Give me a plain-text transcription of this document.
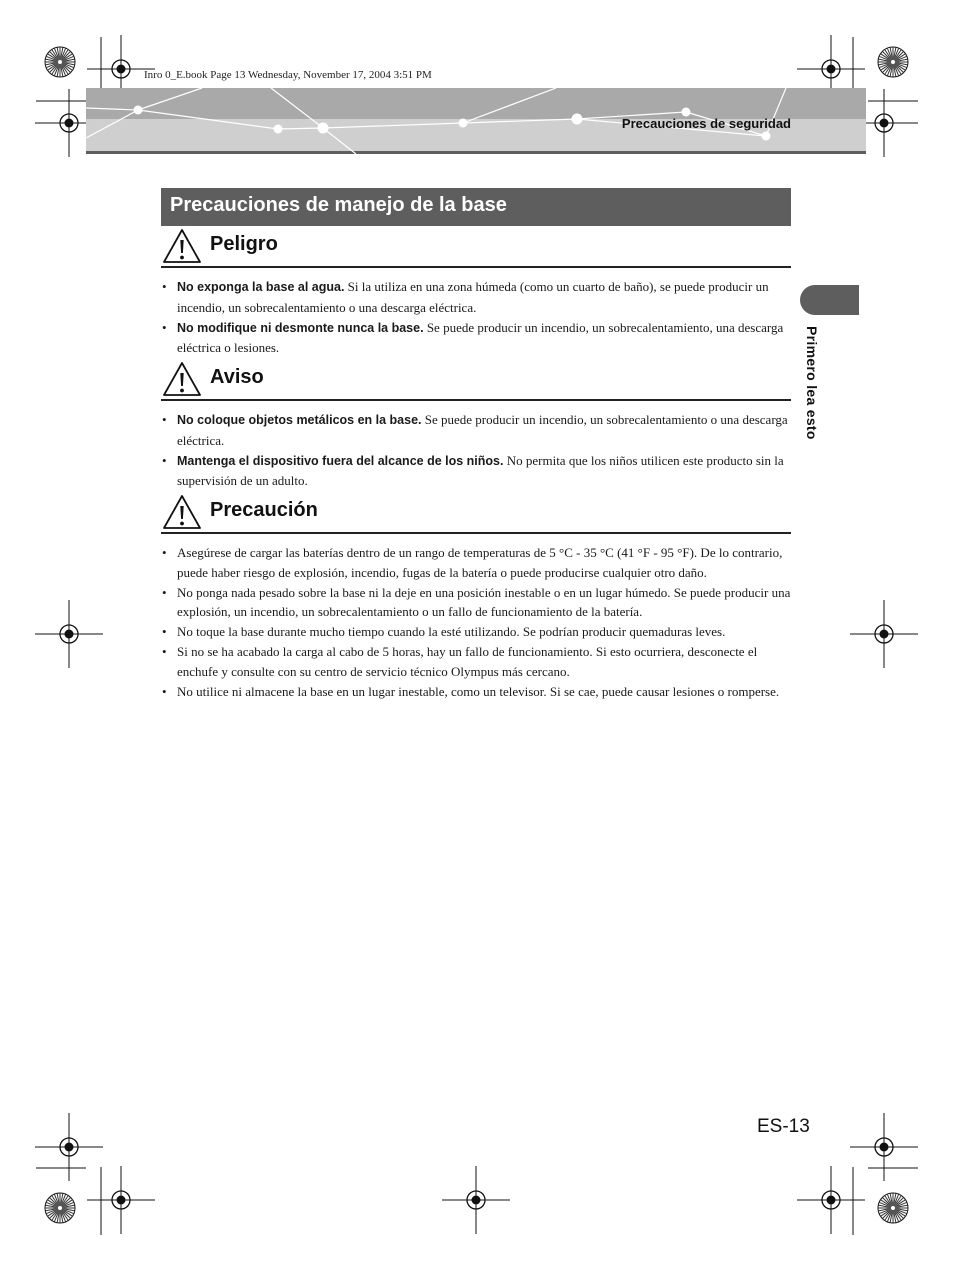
Inro 0_E.book Page 13 Wednesday, November 17, 2004 3:51 PM
Precauciones de seguridad
Precauciones de manejo de la base
Primero lea esto
Peligro
• No exponga la base al agua. Si la utiliza en una zona húmeda (como un cuarto de baño), se puede producir un incendio, un sobrecalentamiento o una descarga eléctrica.
• No modifique ni desmonte nunca la base. Se puede producir un incendio, un sobrecalentamiento, una descarga eléctrica o lesiones.
Aviso
• No coloque objetos metálicos en la base. Se puede producir un incendio, un sobrecalentamiento o una descarga eléctrica.
• Mantenga el dispositivo fuera del alcance de los niños. No permita que los niños utilicen este producto sin la supervisión de un adulto.
Precaución
• Asegúrese de cargar las baterías dentro de un rango de temperaturas de 5 °C - 35 °C (41 °F - 95 °F). De lo contrario, puede haber riesgo de explosión, incendio, fugas de la batería o puede producirse cualquier otro daño.
• No ponga nada pesado sobre la base ni la deje en una posición inestable o en un lugar húmedo. Se puede producir una explosión, un incendio, un sobrecalentamiento o un fallo de funcionamiento de la batería.
• No toque la base durante mucho tiempo cuando la esté utilizando. Se podrían producir quemaduras leves.
• Si no se ha acabado la carga al cabo de 5 horas, hay un fallo de funcionamiento. Si esto ocurriera, desconecte el enchufe y consulte con su centro de servicio técnico Olympus más cercano.
• No utilice ni almacene la base en un lugar inestable, como un televisor. Si se cae, puede causar lesiones o romperse.
ES-13
